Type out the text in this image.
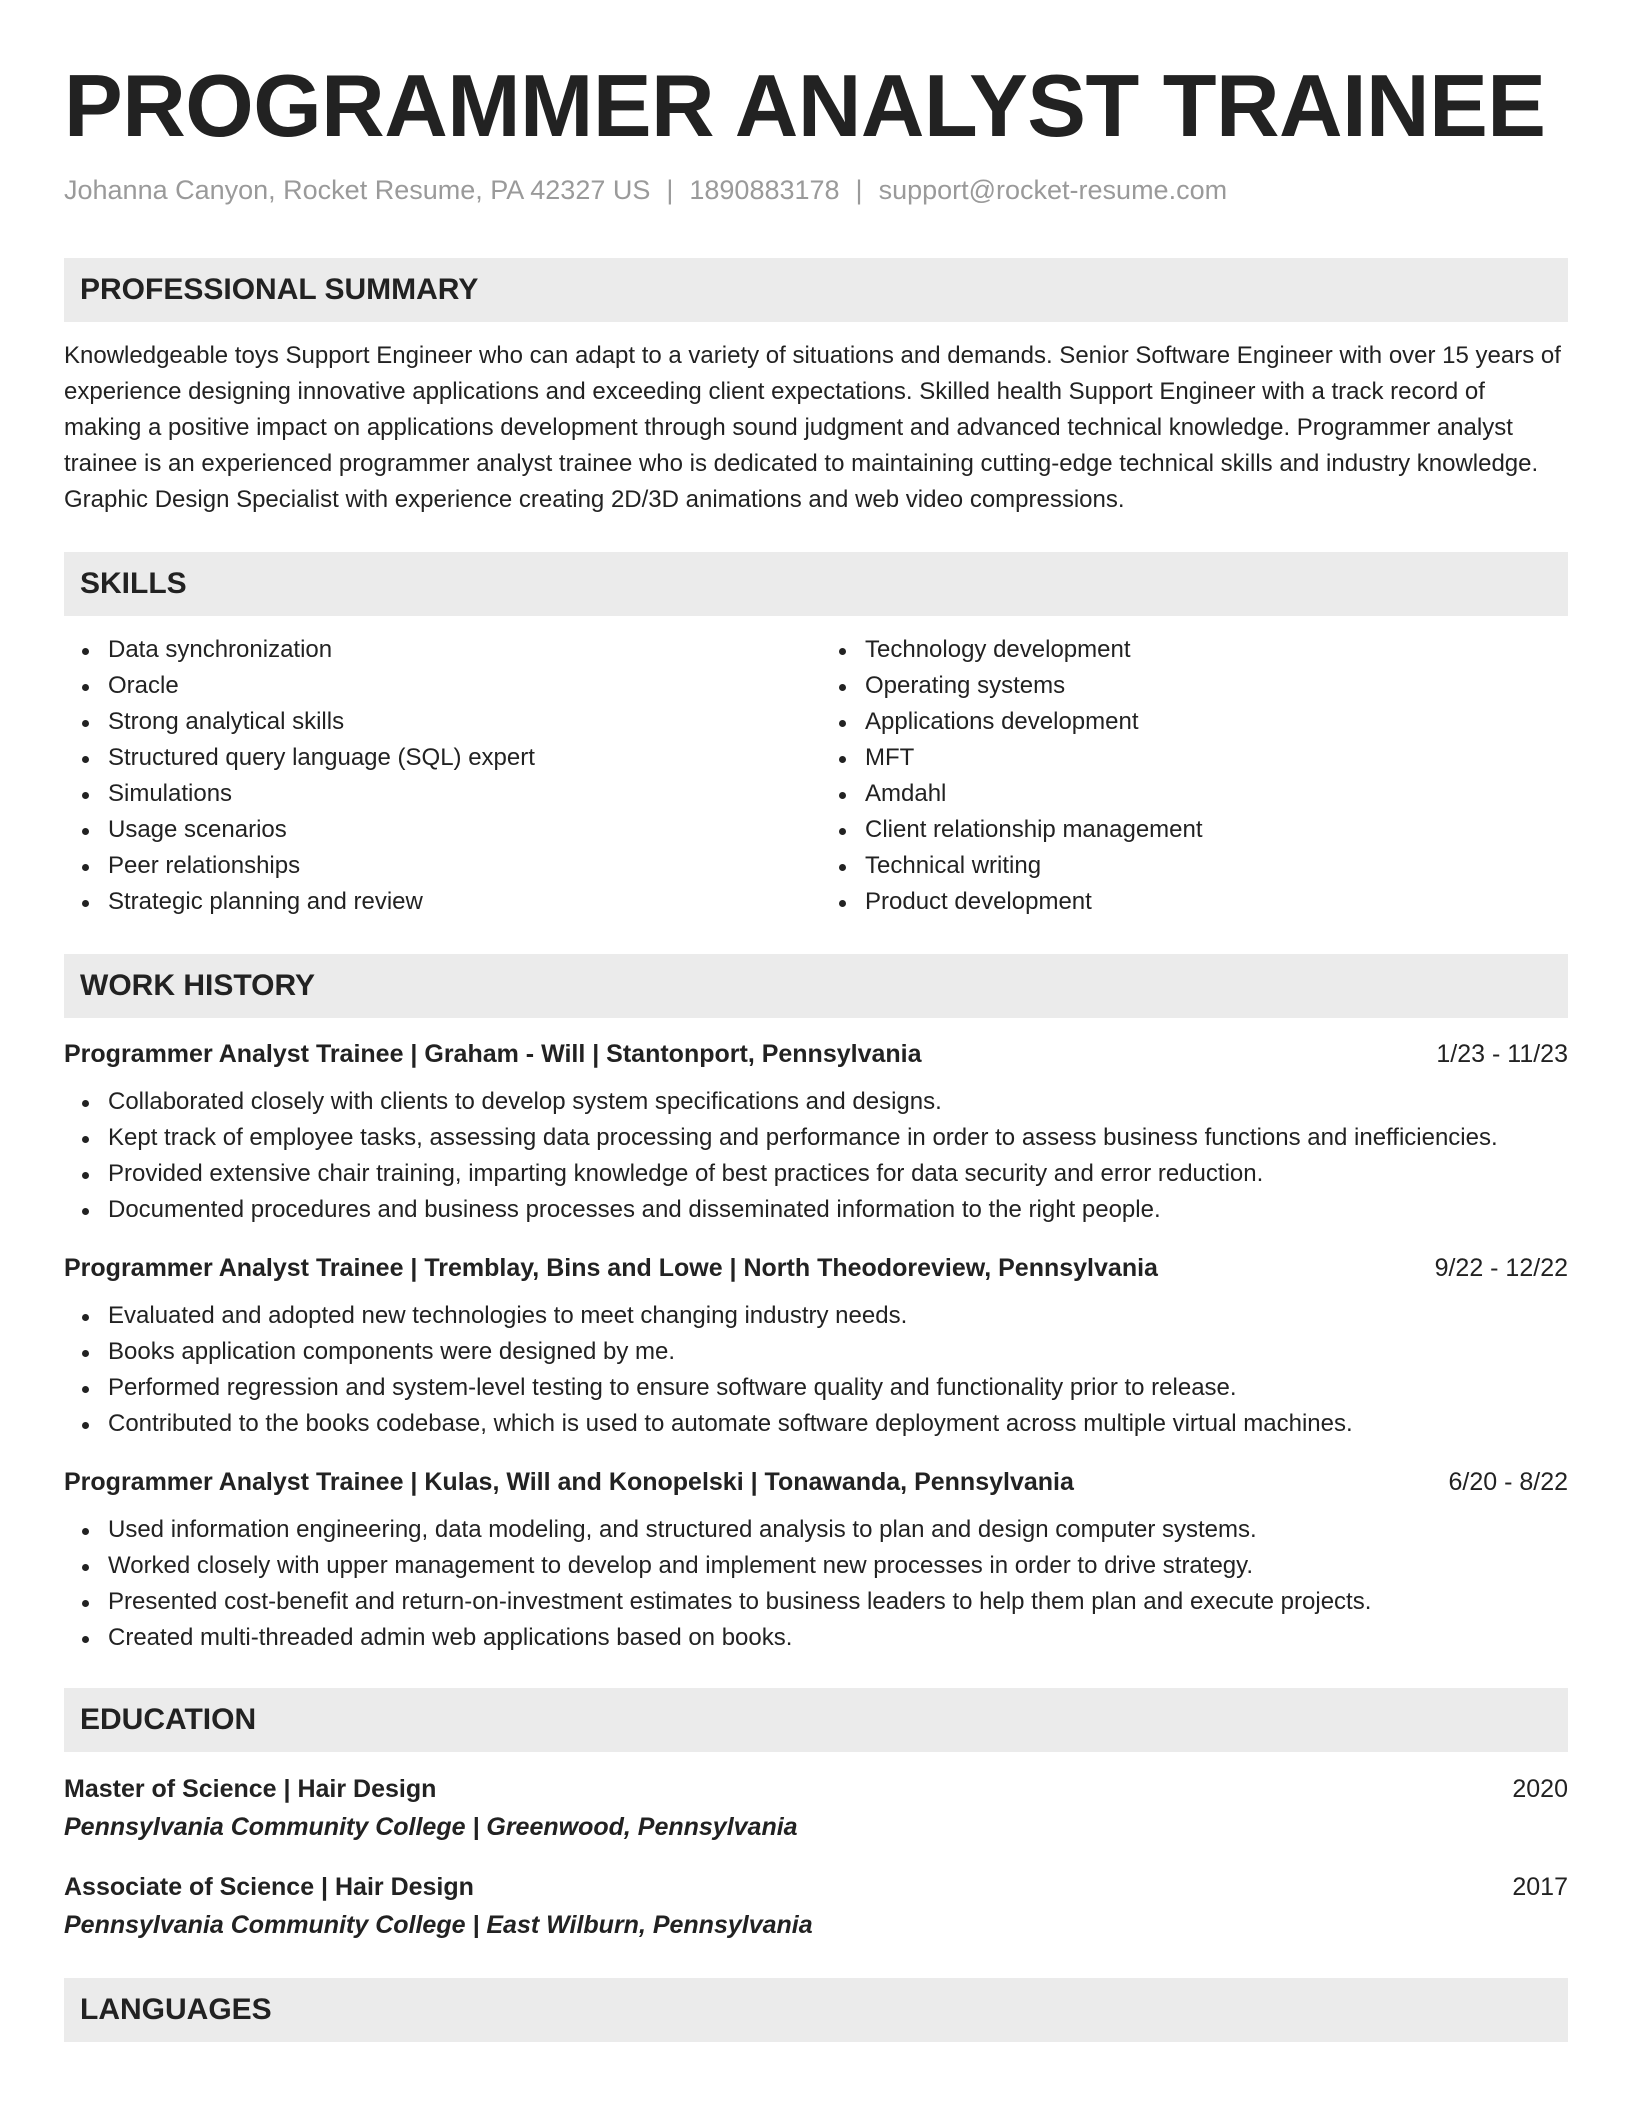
PROGRAMMER ANALYST TRAINEE
Johanna Canyon, Rocket Resume, PA 42327 US | 1890883178 | support@rocket-resume.com
PROFESSIONAL SUMMARY
Knowledgeable toys Support Engineer who can adapt to a variety of situations and demands. Senior Software Engineer with over 15 years of experience designing innovative applications and exceeding client expectations. Skilled health Support Engineer with a track record of making a positive impact on applications development through sound judgment and advanced technical knowledge. Programmer analyst trainee is an experienced programmer analyst trainee who is dedicated to maintaining cutting-edge technical skills and industry knowledge. Graphic Design Specialist with experience creating 2D/3D animations and web video compressions.
SKILLS
Data synchronization
Oracle
Strong analytical skills
Structured query language (SQL) expert
Simulations
Usage scenarios
Peer relationships
Strategic planning and review
Technology development
Operating systems
Applications development
MFT
Amdahl
Client relationship management
Technical writing
Product development
WORK HISTORY
Programmer Analyst Trainee | Graham - Will | Stantonport, Pennsylvania	1/23 - 11/23
Collaborated closely with clients to develop system specifications and designs.
Kept track of employee tasks, assessing data processing and performance in order to assess business functions and inefficiencies.
Provided extensive chair training, imparting knowledge of best practices for data security and error reduction.
Documented procedures and business processes and disseminated information to the right people.
Programmer Analyst Trainee | Tremblay, Bins and Lowe | North Theodoreview, Pennsylvania	9/22 - 12/22
Evaluated and adopted new technologies to meet changing industry needs.
Books application components were designed by me.
Performed regression and system-level testing to ensure software quality and functionality prior to release.
Contributed to the books codebase, which is used to automate software deployment across multiple virtual machines.
Programmer Analyst Trainee | Kulas, Will and Konopelski | Tonawanda, Pennsylvania	6/20 - 8/22
Used information engineering, data modeling, and structured analysis to plan and design computer systems.
Worked closely with upper management to develop and implement new processes in order to drive strategy.
Presented cost-benefit and return-on-investment estimates to business leaders to help them plan and execute projects.
Created multi-threaded admin web applications based on books.
EDUCATION
Master of Science | Hair Design	2020
Pennsylvania Community College | Greenwood, Pennsylvania
Associate of Science | Hair Design	2017
Pennsylvania Community College | East Wilburn, Pennsylvania
LANGUAGES
